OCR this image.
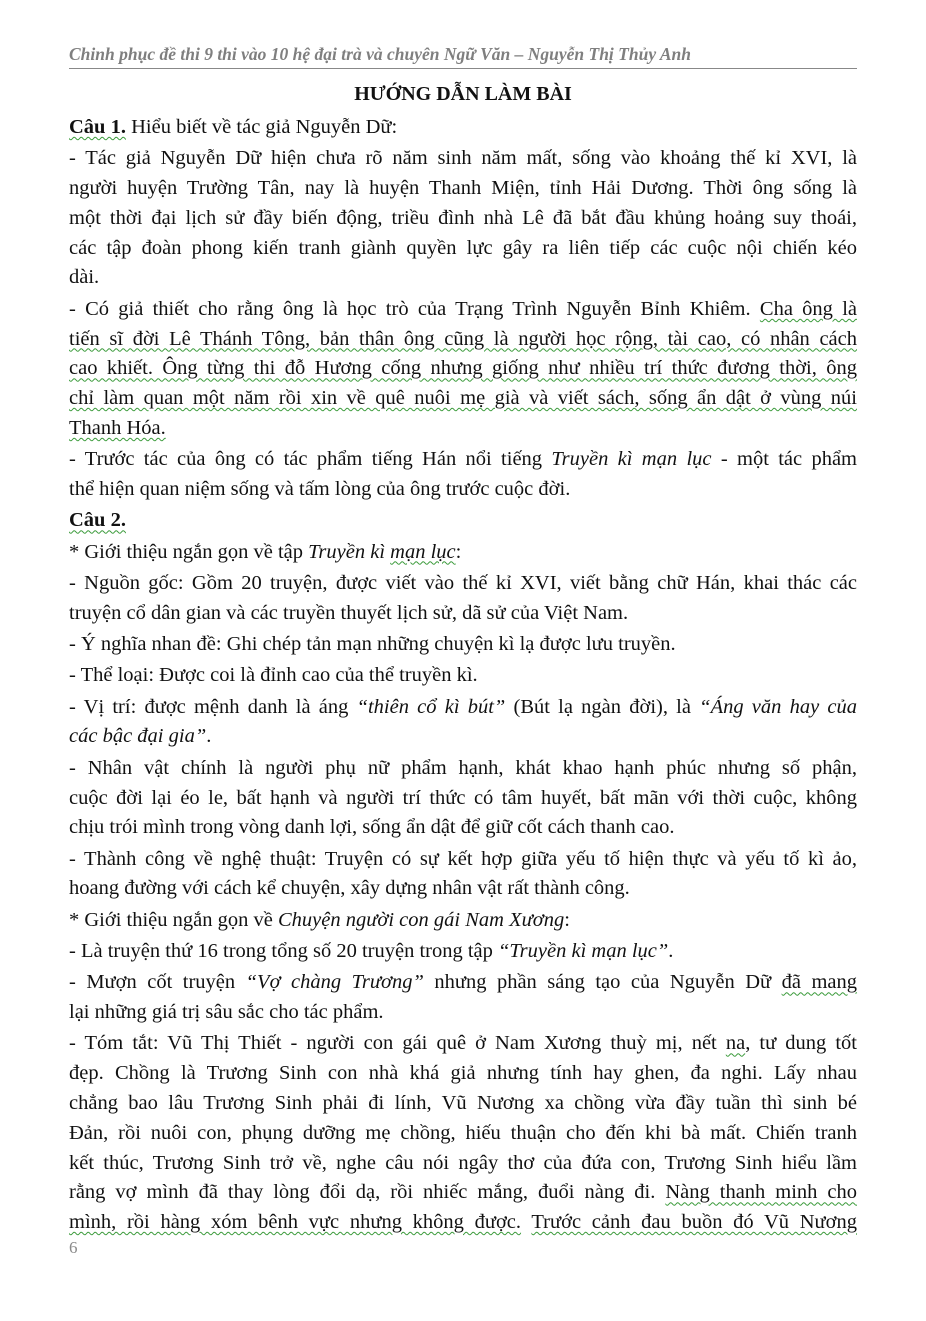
Chinh phục đề thi 9 thi vào 10 hệ đại trà và chuyên Ngữ Văn – Nguyễn Thị Thủy Anh
HƯỚNG DẪN LÀM BÀI
Câu 1. Hiểu biết về tác giả Nguyễn Dữ:
- Tác giả Nguyễn Dữ hiện chưa rõ năm sinh năm mất, sống vào khoảng thế kỉ XVI, là
người huyện Trường Tân, nay là huyện Thanh Miện, tỉnh Hải Dương. Thời ông sống là
một thời đại lịch sử đầy biến động, triều đình nhà Lê đã bắt đầu khủng hoảng suy thoái,
các tập đoàn phong kiến tranh giành quyền lực gây ra liên tiếp các cuộc nội chiến kéo
dài.
- Có giả thiết cho rằng ông là học trò của Trạng Trình Nguyễn Bỉnh Khiêm. Cha ông là
tiến sĩ đời Lê Thánh Tông, bản thân ông cũng là người học rộng, tài cao, có nhân cách
cao khiết. Ông từng thi đỗ Hương cống nhưng giống như nhiều trí thức đương thời, ông
chỉ làm quan một năm rồi xin về quê nuôi mẹ già và viết sách, sống ẩn dật ở vùng núi
Thanh Hóa.
- Trước tác của ông có tác phẩm tiếng Hán nổi tiếng Truyền kì mạn lục - một tác phẩm
thể hiện quan niệm sống và tấm lòng của ông trước cuộc đời.
Câu 2.
* Giới thiệu ngắn gọn về tập Truyền kì mạn lục:
- Nguồn gốc: Gồm 20 truyện, được viết vào thế kỉ XVI, viết bằng chữ Hán, khai thác các
truyện cổ dân gian và các truyền thuyết lịch sử, dã sử của Việt Nam.
- Ý nghĩa nhan đề: Ghi chép tản mạn những chuyện kì lạ được lưu truyền.
- Thể loại: Được coi là đỉnh cao của thể truyền kì.
- Vị trí: được mệnh danh là áng “thiên cổ kì bút” (Bút lạ ngàn đời), là “Áng văn hay của
các bậc đại gia”.
- Nhân vật chính là người phụ nữ phẩm hạnh, khát khao hạnh phúc nhưng số phận,
cuộc đời lại éo le, bất hạnh và người trí thức có tâm huyết, bất mãn với thời cuộc, không
chịu trói mình trong vòng danh lợi, sống ẩn dật để giữ cốt cách thanh cao.
- Thành công về nghệ thuật: Truyện có sự kết hợp giữa yếu tố hiện thực và yếu tố kì ảo,
hoang đường với cách kể chuyện, xây dựng nhân vật rất thành công.
* Giới thiệu ngắn gọn về Chuyện người con gái Nam Xương:
- Là truyện thứ 16 trong tổng số 20 truyện trong tập “Truyền kì mạn lục”.
- Mượn cốt truyện “Vợ chàng Trương” nhưng phần sáng tạo của Nguyễn Dữ đã mang
lại những giá trị sâu sắc cho tác phẩm.
- Tóm tắt: Vũ Thị Thiết - người con gái quê ở Nam Xương thuỳ mị, nết na, tư dung tốt
đẹp. Chồng là Trương Sinh con nhà khá giả nhưng tính hay ghen, đa nghi. Lấy nhau
chẳng bao lâu Trương Sinh phải đi lính, Vũ Nương xa chồng vừa đầy tuần thì sinh bé
Đản, rồi nuôi con, phụng dưỡng mẹ chồng, hiếu thuận cho đến khi bà mất. Chiến tranh
kết thúc, Trương Sinh trở về, nghe câu nói ngây thơ của đứa con, Trương Sinh hiểu lầm
rằng vợ mình đã thay lòng đổi dạ, rồi nhiếc mắng, đuổi nàng đi. Nàng thanh minh cho
mình, rồi hàng xóm bênh vực nhưng không được. Trước cảnh đau buồn đó Vũ Nương
6
